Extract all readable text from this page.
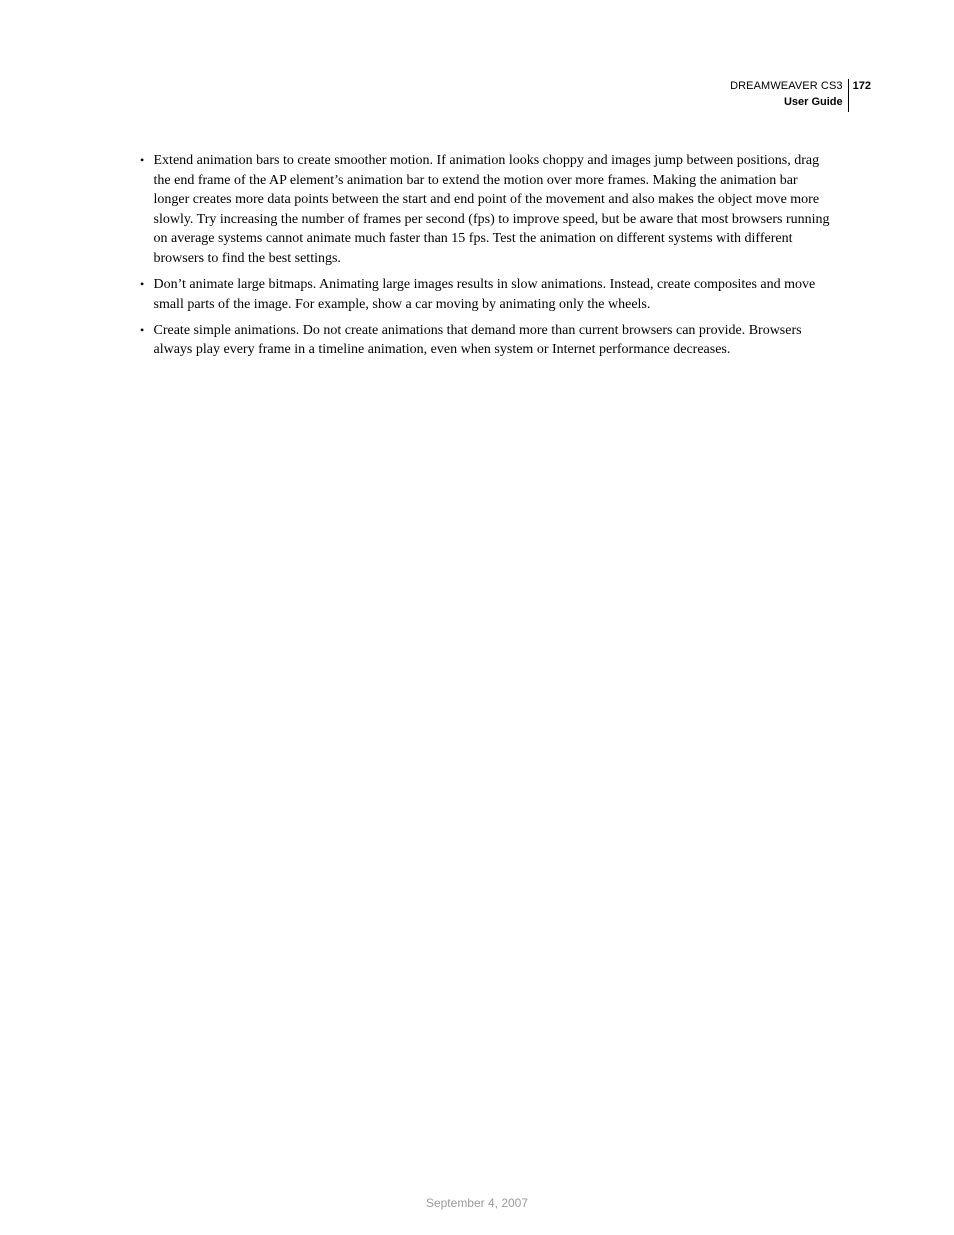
DREAMWEAVER CS3
User Guide
172
• Extend animation bars to create smoother motion. If animation looks choppy and images jump between positions, drag the end frame of the AP element’s animation bar to extend the motion over more frames. Making the animation bar longer creates more data points between the start and end point of the movement and also makes the object move more slowly. Try increasing the number of frames per second (fps) to improve speed, but be aware that most browsers running on average systems cannot animate much faster than 15 fps. Test the animation on different systems with different browsers to find the best settings.
• Don’t animate large bitmaps. Animating large images results in slow animations. Instead, create composites and move small parts of the image. For example, show a car moving by animating only the wheels.
• Create simple animations. Do not create animations that demand more than current browsers can provide. Browsers always play every frame in a timeline animation, even when system or Internet performance decreases.
September 4, 2007
